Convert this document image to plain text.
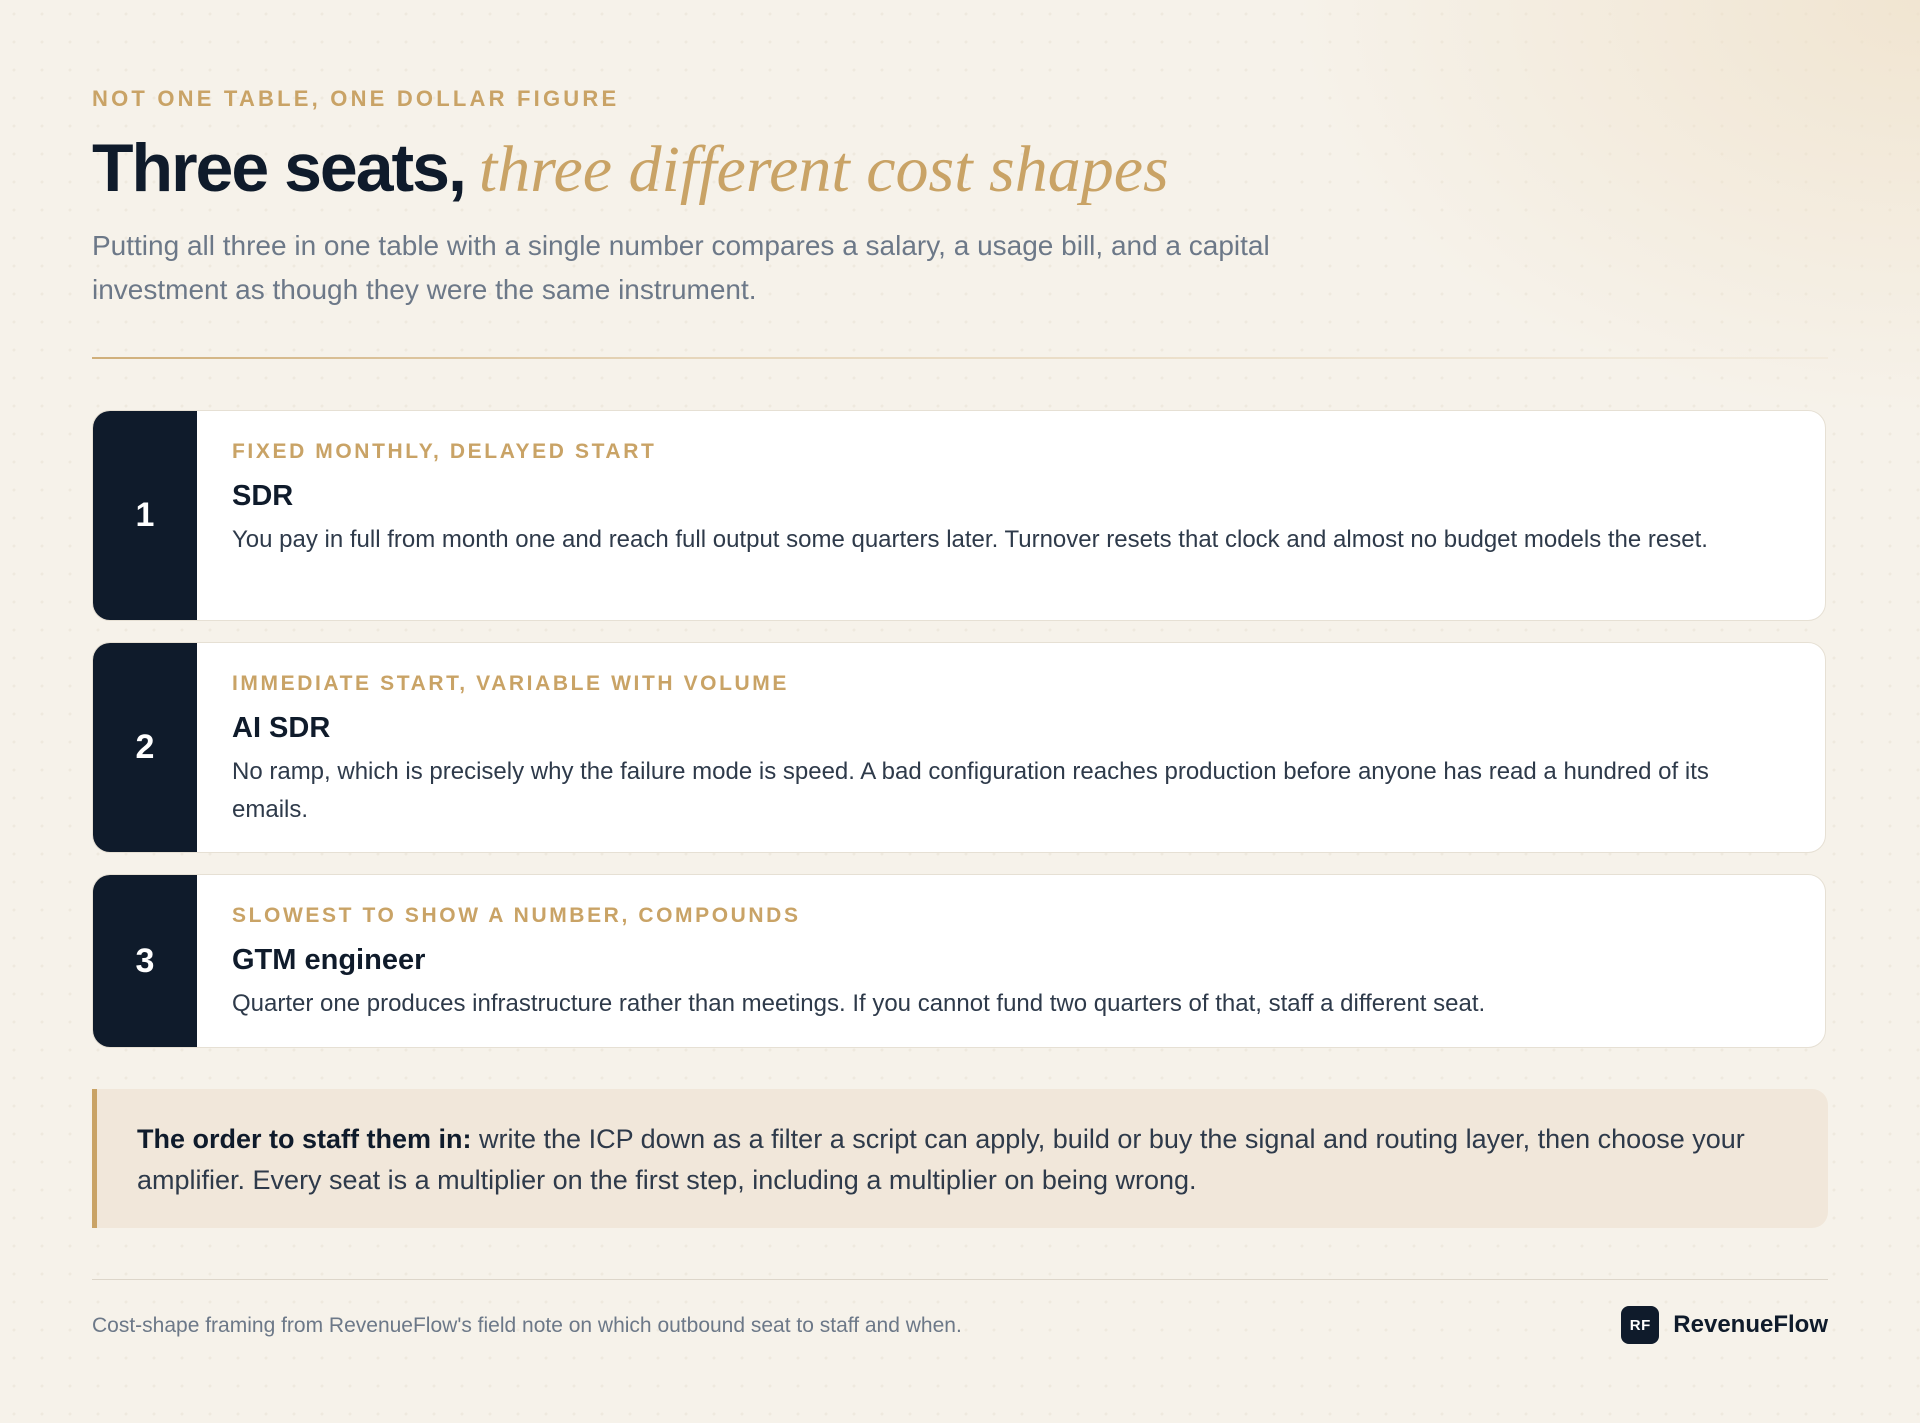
NOT ONE TABLE, ONE DOLLAR FIGURE
Three seats, three different cost shapes

Putting all three in one table with a single number compares a salary, a usage bill, and a capital investment as though they were the same instrument.

1
FIXED MONTHLY, DELAYED START
SDR
You pay in full from month one and reach full output some quarters later. Turnover resets that clock and almost no budget models the reset.
2
IMMEDIATE START, VARIABLE WITH VOLUME
AI SDR
No ramp, which is precisely why the failure mode is speed. A bad configuration reaches production before anyone has read a hundred of its emails.
3
SLOWEST TO SHOW A NUMBER, COMPOUNDS
GTM engineer
Quarter one produces infrastructure rather than meetings. If you cannot fund two quarters of that, staff a different seat.
The order to staff them in: write the ICP down as a filter a script can apply, build or buy the signal and routing layer, then choose your amplifier. Every seat is a multiplier on the first step, including a multiplier on being wrong.
Cost-shape framing from RevenueFlow's field note on which outbound seat to staff and when.	RF RevenueFlow
